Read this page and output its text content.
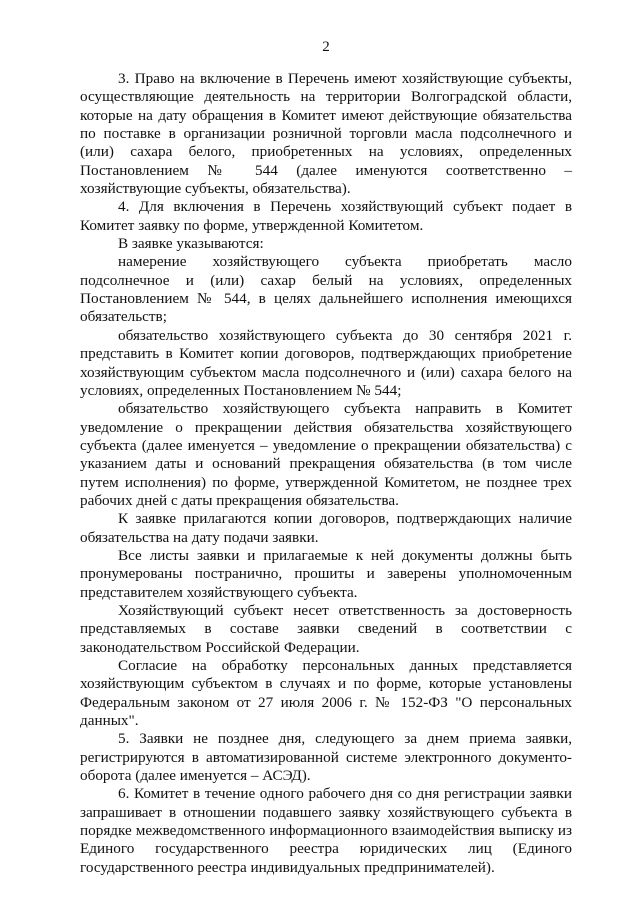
2

3. Право на включение в Перечень имеют хозяйствующие субъекты, осуществляющие деятельность на территории Волгоградской области, которые на дату обращения в Комитет имеют действующие обязательства по поставке в организации розничной торговли масла подсолнечного и (или) сахара белого, приобретенных на условиях, определенных Постановлением № 544 (далее именуются соответственно – хозяйствующие субъекты, обязательства).

4. Для включения в Перечень хозяйствующий субъект подает в Комитет заявку по форме, утвержденной Комитетом.

В заявке указываются:

намерение хозяйствующего субъекта приобретать масло подсолнечное и (или) сахар белый на условиях, определенных Постановлением № 544, в целях дальнейшего исполнения имеющихся обязательств;

обязательство хозяйствующего субъекта до 30 сентября 2021 г. представить в Комитет копии договоров, подтверждающих приобретение хозяйствующим субъектом масла подсолнечного и (или) сахара белого на условиях, определенных Постановлением № 544;

обязательство хозяйствующего субъекта направить в Комитет уведомление о прекращении действия обязательства хозяйствующего субъекта (далее именуется – уведомление о прекращении обязательства) с указанием даты и оснований прекращения обязательства (в том числе путем исполнения) по форме, утвержденной Комитетом, не позднее трех рабочих дней с даты прекращения обязательства.

К заявке прилагаются копии договоров, подтверждающих наличие обязательства на дату подачи заявки.

Все листы заявки и прилагаемые к ней документы должны быть пронумерованы постранично, прошиты и заверены уполномоченным представителем хозяйствующего субъекта.

Хозяйствующий субъект несет ответственность за достоверность представляемых в составе заявки сведений в соответствии с законодательством Российской Федерации.

Согласие на обработку персональных данных представляется хозяйствующим субъектом в случаях и по форме, которые установлены Федеральным законом от 27 июля 2006 г. № 152-ФЗ "О персональных данных".

5. Заявки не позднее дня, следующего за днем приема заявки, регистрируются в автоматизированной системе электронного документо-оборота (далее именуется – АСЭД).

6. Комитет в течение одного рабочего дня со дня регистрации заявки запрашивает в отношении подавшего заявку хозяйствующего субъекта в порядке межведомственного информационного взаимодействия выписку из Единого государственного реестра юридических лиц (Единого государственного реестра индивидуальных предпринимателей).
